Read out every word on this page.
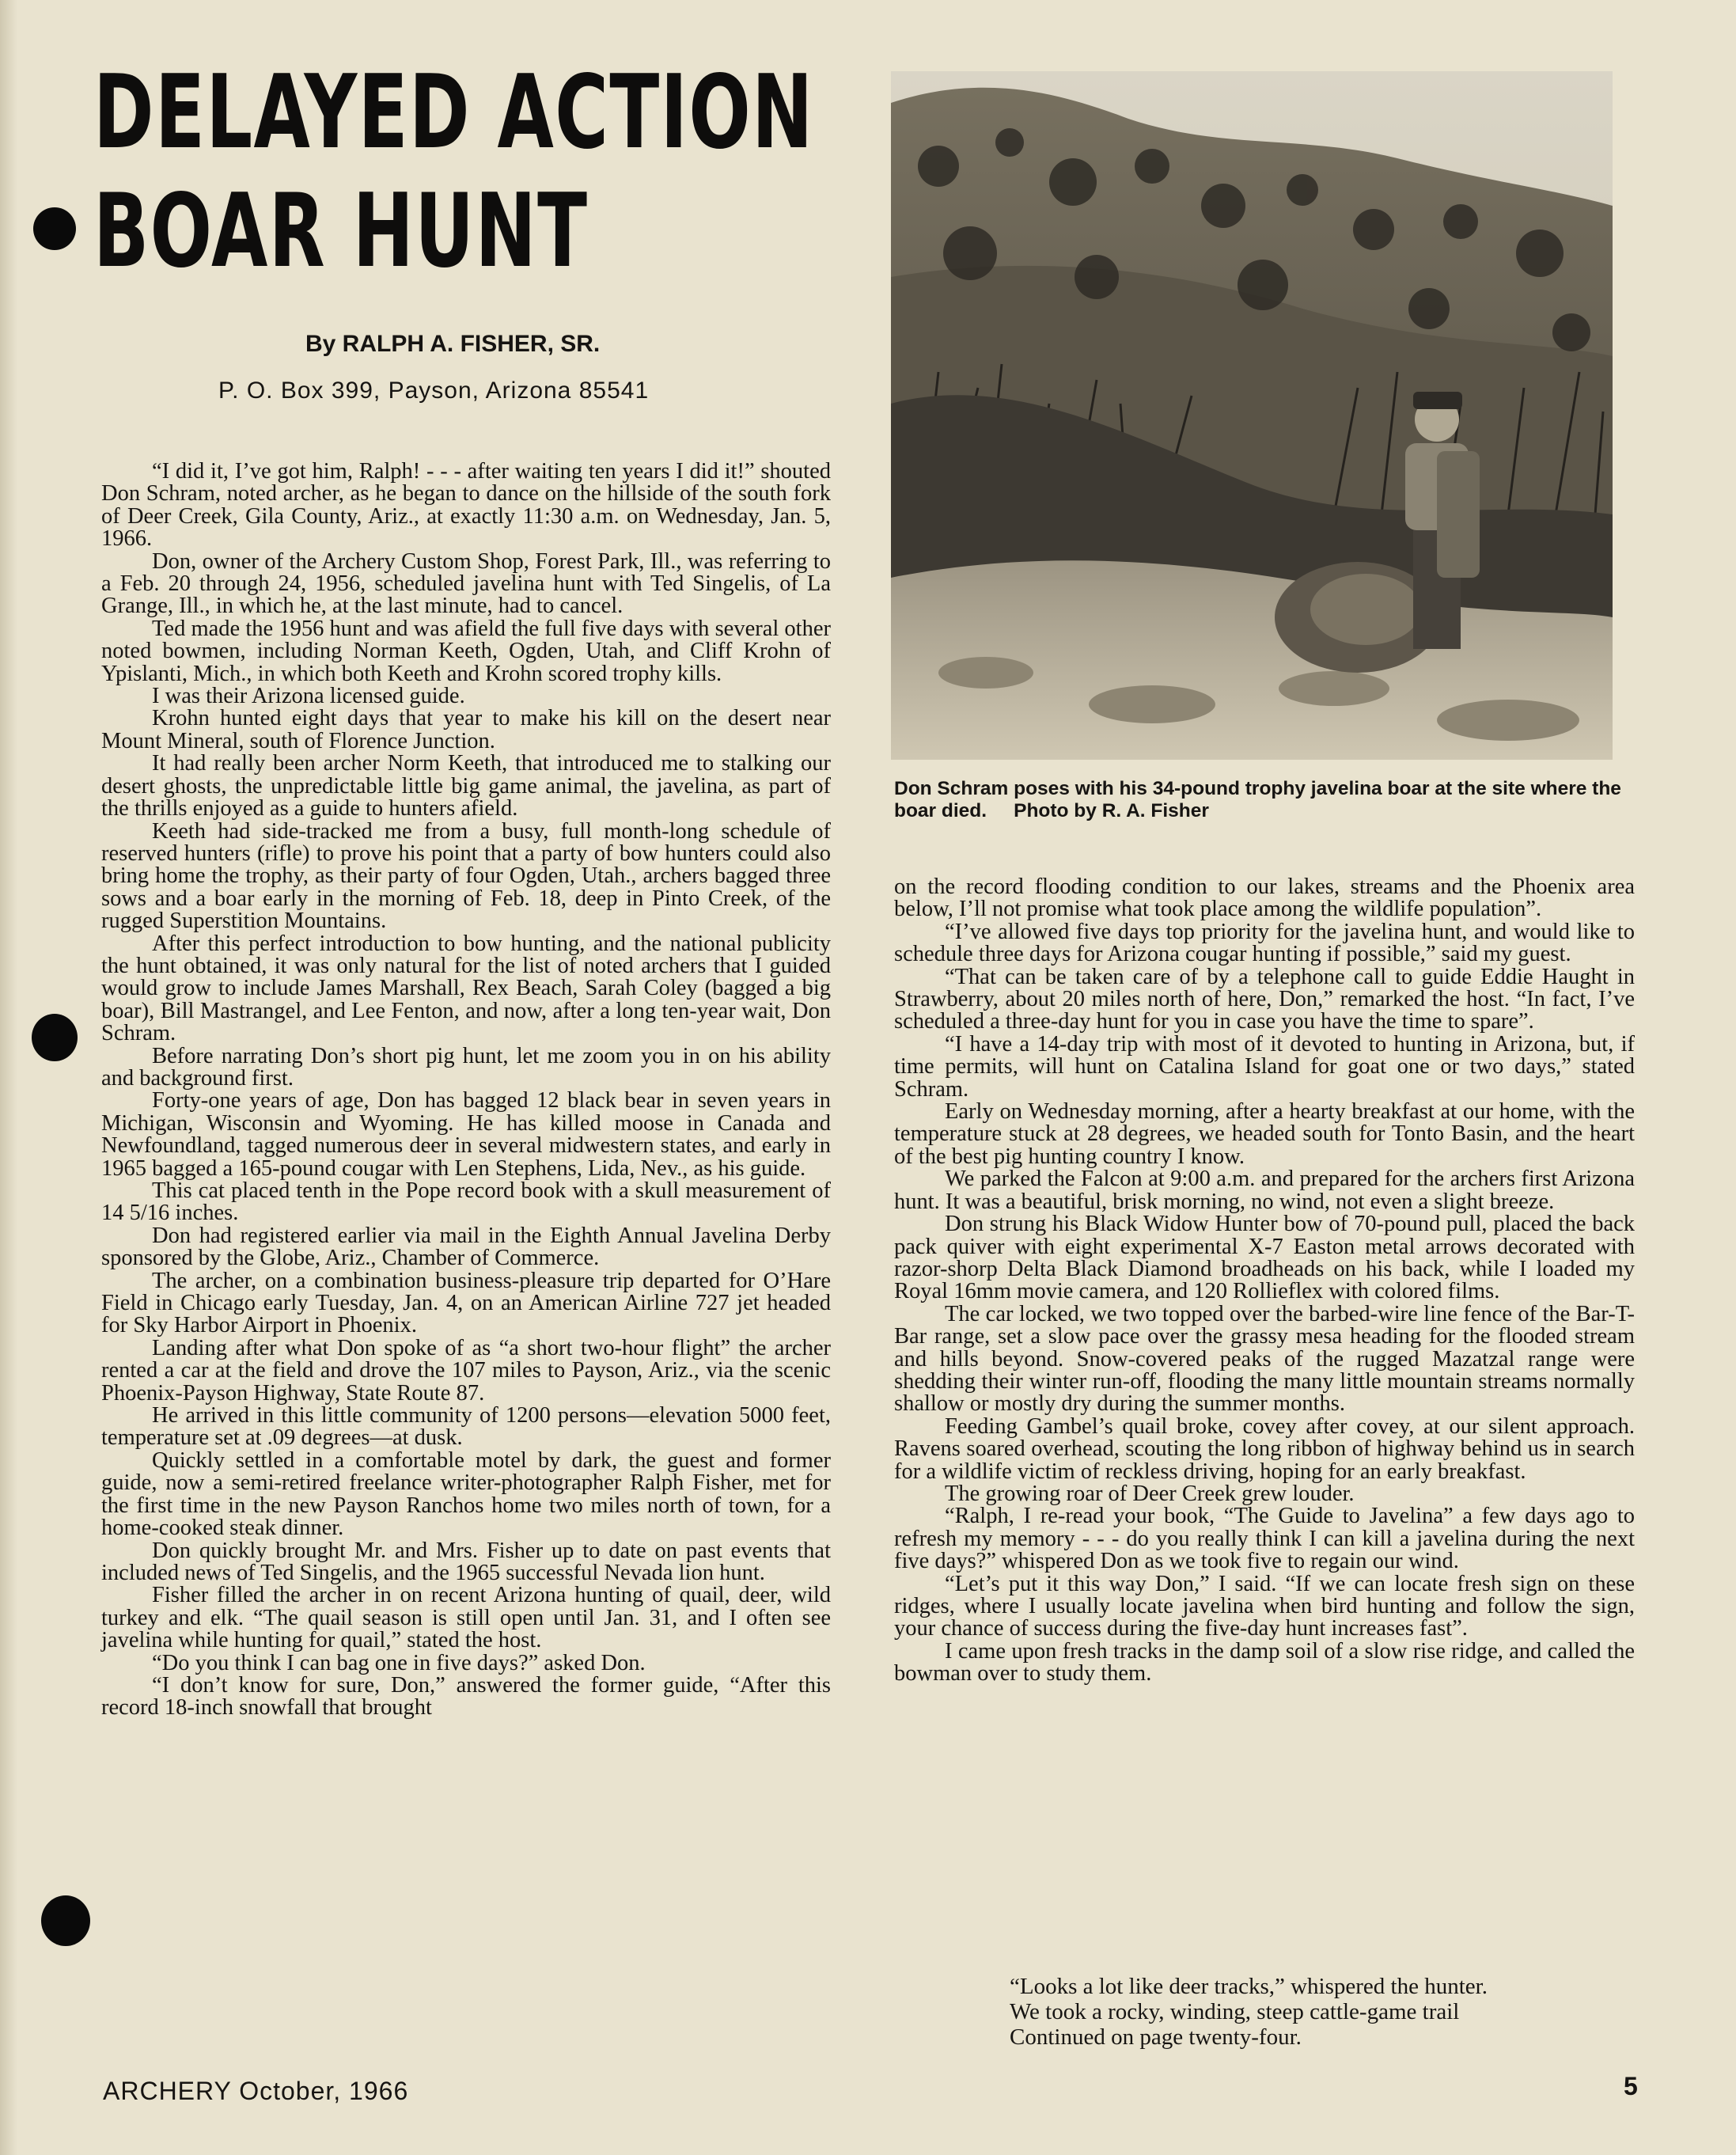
DELAYED ACTION
BOAR HUNT
By RALPH A. FISHER, SR.
P. O. Box 399, Payson, Arizona 85541

“I did it, I’ve got him, Ralph! - - - after waiting ten years I did it!” shouted Don Schram, noted archer, as he began to dance on the hillside of the south fork of Deer Creek, Gila County, Ariz., at exactly 11:30 a.m. on Wednesday, Jan. 5, 1966.

Don, owner of the Archery Custom Shop, Forest Park, Ill., was referring to a Feb. 20 through 24, 1956, scheduled javelina hunt with Ted Singelis, of La Grange, Ill., in which he, at the last minute, had to cancel.

Ted made the 1956 hunt and was afield the full five days with several other noted bowmen, including Norman Keeth, Ogden, Utah, and Cliff Krohn of Ypislanti, Mich., in which both Keeth and Krohn scored trophy kills.

I was their Arizona licensed guide.

Krohn hunted eight days that year to make his kill on the desert near Mount Mineral, south of Florence Junction.

It had really been archer Norm Keeth, that introduced me to stalking our desert ghosts, the unpredictable little big game animal, the javelina, as part of the thrills enjoyed as a guide to hunters afield.

Keeth had side-tracked me from a busy, full month-long schedule of reserved hunters (rifle) to prove his point that a party of bow hunters could also bring home the trophy, as their party of four Ogden, Utah., archers bagged three sows and a boar early in the morning of Feb. 18, deep in Pinto Creek, of the rugged Superstition Mountains.

After this perfect introduction to bow hunting, and the national publicity the hunt obtained, it was only natural for the list of noted archers that I guided would grow to include James Marshall, Rex Beach, Sarah Coley (bagged a big boar), Bill Mastrangel, and Lee Fenton, and now, after a long ten-year wait, Don Schram.

Before narrating Don’s short pig hunt, let me zoom you in on his ability and background first.

Forty-one years of age, Don has bagged 12 black bear in seven years in Michigan, Wisconsin and Wyoming. He has killed moose in Canada and Newfoundland, tagged numerous deer in several midwestern states, and early in 1965 bagged a 165-pound cougar with Len Stephens, Lida, Nev., as his guide.

This cat placed tenth in the Pope record book with a skull measurement of 14 5/16 inches.

Don had registered earlier via mail in the Eighth Annual Javelina Derby sponsored by the Globe, Ariz., Chamber of Commerce.

The archer, on a combination business-pleasure trip departed for O’Hare Field in Chicago early Tuesday, Jan. 4, on an American Airline 727 jet headed for Sky Harbor Airport in Phoenix.

Landing after what Don spoke of as “a short two-hour flight” the archer rented a car at the field and drove the 107 miles to Payson, Ariz., via the scenic Phoenix-Payson Highway, State Route 87.

He arrived in this little community of 1200 persons—elevation 5000 feet, temperature set at .09 degrees—at dusk.

Quickly settled in a comfortable motel by dark, the guest and former guide, now a semi-retired freelance writer-photographer Ralph Fisher, met for the first time in the new Payson Ranchos home two miles north of town, for a home-cooked steak dinner.

Don quickly brought Mr. and Mrs. Fisher up to date on past events that included news of Ted Singelis, and the 1965 successful Nevada lion hunt.

Fisher filled the archer in on recent Arizona hunting of quail, deer, wild turkey and elk. “The quail season is still open until Jan. 31, and I often see javelina while hunting for quail,” stated the host.

“Do you think I can bag one in five days?” asked Don.

“I don’t know for sure, Don,” answered the former guide, “After this record 18-inch snowfall that brought

Don Schram poses with his 34-pound trophy javelina boar at the site where the boar died.     Photo by R. A. Fisher

on the record flooding condition to our lakes, streams and the Phoenix area below, I’ll not promise what took place among the wildlife population”.

“I’ve allowed five days top priority for the javelina hunt, and would like to schedule three days for Arizona cougar hunting if possible,” said my guest.

“That can be taken care of by a telephone call to guide Eddie Haught in Strawberry, about 20 miles north of here, Don,” remarked the host. “In fact, I’ve scheduled a three-day hunt for you in case you have the time to spare”.

“I have a 14-day trip with most of it devoted to hunting in Arizona, but, if time permits, will hunt on Catalina Island for goat one or two days,” stated Schram.

Early on Wednesday morning, after a hearty breakfast at our home, with the temperature stuck at 28 degrees, we headed south for Tonto Basin, and the heart of the best pig hunting country I know.

We parked the Falcon at 9:00 a.m. and prepared for the archers first Arizona hunt. It was a beautiful, brisk morning, no wind, not even a slight breeze.

Don strung his Black Widow Hunter bow of 70-pound pull, placed the back pack quiver with eight experimental X-7 Easton metal arrows decorated with razor-shorp Delta Black Diamond broadheads on his back, while I loaded my Royal 16mm movie camera, and 120 Rollieflex with colored films.

The car locked, we two topped over the barbed-wire line fence of the Bar-T-Bar range, set a slow pace over the grassy mesa heading for the flooded stream and hills beyond. Snow-covered peaks of the rugged Mazatzal range were shedding their winter run-off, flooding the many little mountain streams normally shallow or mostly dry during the summer months.

Feeding Gambel’s quail broke, covey after covey, at our silent approach. Ravens soared overhead, scouting the long ribbon of highway behind us in search for a wildlife victim of reckless driving, hoping for an early breakfast.

The growing roar of Deer Creek grew louder.

“Ralph, I re-read your book, “The Guide to Javelina” a few days ago to refresh my memory - - - do you really think I can kill a javelina during the next five days?” whispered Don as we took five to regain our wind.

“Let’s put it this way Don,” I said. “If we can locate fresh sign on these ridges, where I usually locate javelina when bird hunting and follow the sign, your chance of success during the five-day hunt increases fast”.

I came upon fresh tracks in the damp soil of a slow rise ridge, and called the bowman over to study them.

“Looks a lot like deer tracks,” whispered the hunter.

We took a rocky, winding, steep cattle-game trail

Continued on page twenty-four.

ARCHERY October, 1966	5
